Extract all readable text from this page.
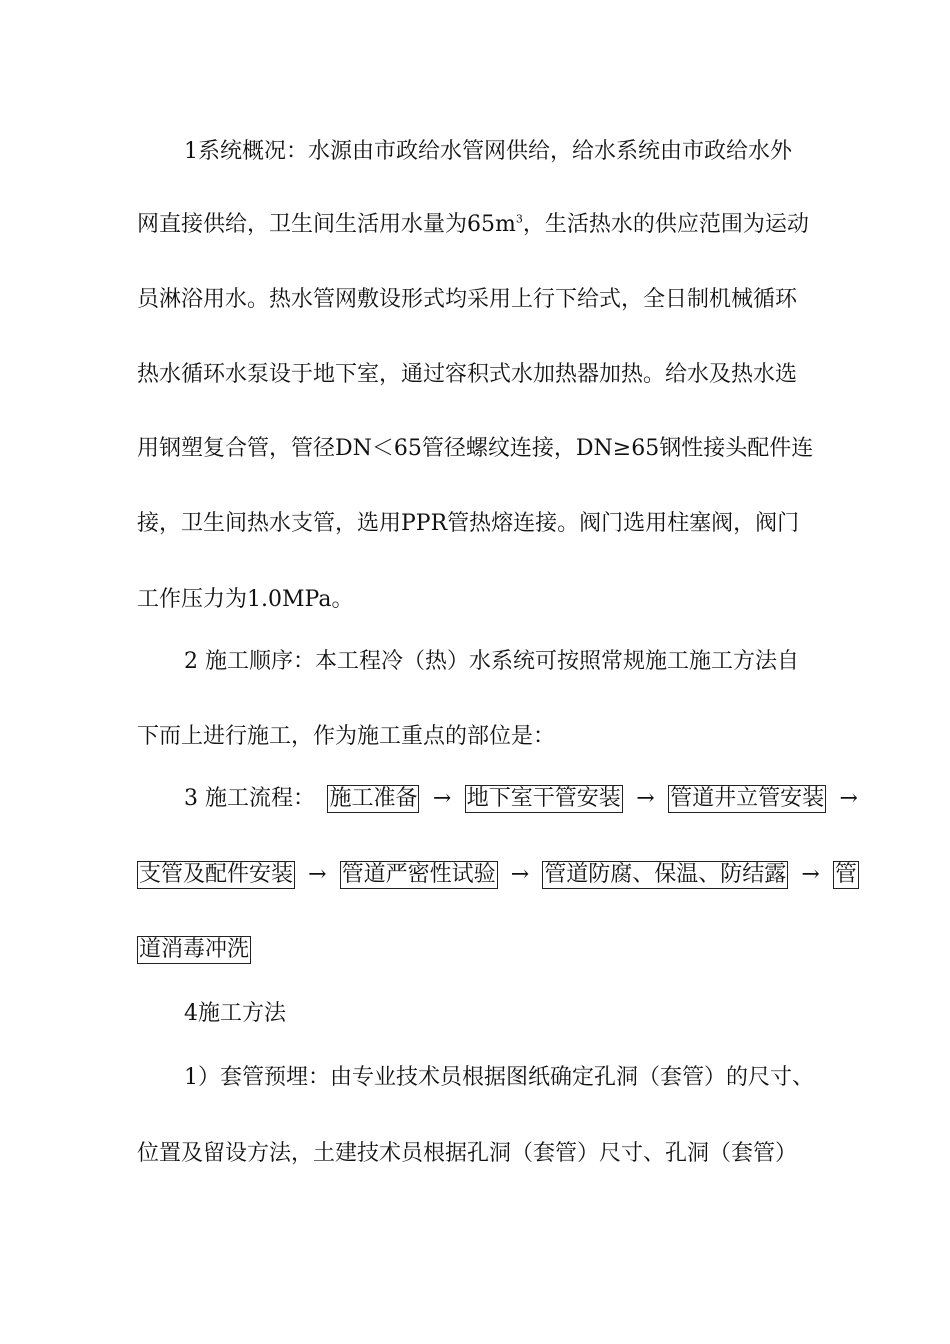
1系统概况：水源由市政给水管网供给，给水系统由市政给水外
网直接供给，卫生间生活用水量为$65m^3$，生活热水的供应范围为运动
员淋浴用水。热水管网敷设形式均采用上行下给式，全日制机械循环
热水循环水泵设于地下室，通过容积式水加热器加热。给水及热水选
用钢塑复合管，管径DN＜65管径螺纹连接，DN≥65钢性接头配件连
接，卫生间热水支管，选用PPR管热熔连接。阀门选用柱塞阀，阀门
工作压力为1.0MPa。
2 施工顺序：本工程冷（热）水系统可按照常规施工施工方法自
下而上进行施工，作为施工重点的部位是：
3 施工流程： 施工准备 → 地下室干管安装 → 管道井立管安装 →
支管及配件安装 → 管道严密性试验 → 管道防腐、保温、防结露 → 管
道消毒冲洗
4施工方法
1）套管预埋：由专业技术员根据图纸确定孔洞（套管）的尺寸、
位置及留设方法，土建技术员根据孔洞（套管）尺寸、孔洞（套管）
